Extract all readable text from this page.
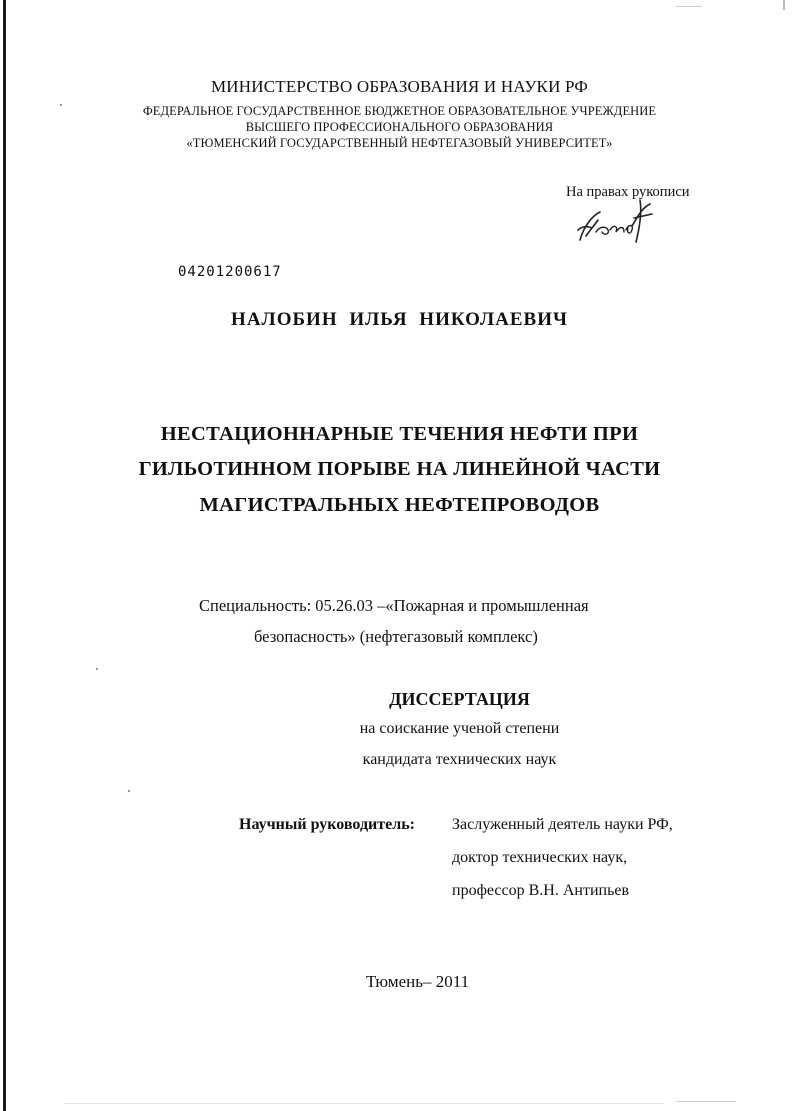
МИНИСТЕРСТВО ОБРАЗОВАНИЯ И НАУКИ РФ
ФЕДЕРАЛЬНОЕ ГОСУДАРСТВЕННОЕ БЮДЖЕТНОЕ ОБРАЗОВАТЕЛЬНОЕ УЧРЕЖДЕНИЕ
ВЫСШЕГО ПРОФЕССИОНАЛЬНОГО ОБРАЗОВАНИЯ
«ТЮМЕНСКИЙ ГОСУДАРСТВЕННЫЙ НЕФТЕГАЗОВЫЙ УНИВЕРСИТЕТ»
На правах рукописи
04201200617
НАЛОБИН ИЛЬЯ НИКОЛАЕВИЧ
НЕСТАЦИОННАРНЫЕ ТЕЧЕНИЯ НЕФТИ ПРИ
ГИЛЬОТИННОМ ПОРЫВЕ НА ЛИНЕЙНОЙ ЧАСТИ
МАГИСТРАЛЬНЫХ НЕФТЕПРОВОДОВ
Специальность: 05.26.03 –«Пожарная и промышленная
безопасность» (нефтегазовый комплекс)
ДИССЕРТАЦИЯ
на соискание ученой степени
кандидата технических наук
Научный руководитель: Заслуженный деятель науки РФ,
доктор технических наук,
профессор В.Н. Антипьев
Тюмень– 2011
